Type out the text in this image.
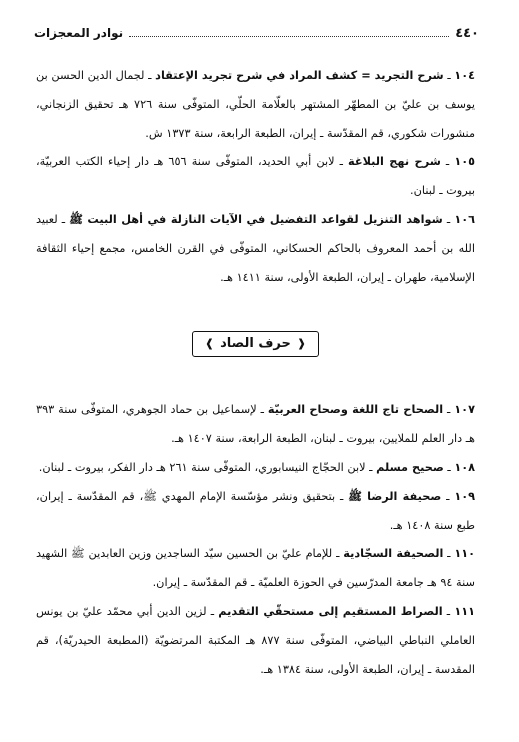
٤٤٠
نوادر المعجزات

١٠٤ ـ شرح التجريد = كشف المراد في شرح تجريد الإعتقاد ـ لجمال الدين الحسن بن يوسف بن عليّ بن المطهّر المشتهر بالعلّامة الحلّي، المتوفّى سنة ٧٢٦ هـ تحقيق الزنجاني، منشورات شكوري، قم المقدّسة ـ إيران، الطبعة الرابعة، سنة ١٣٧٣ ش.

١٠٥ ـ شرح نهج البلاغة ـ لابن أبي الحديد، المتوفّى سنة ٦٥٦ هـ دار إحياء الكتب العربيّة، بيروت ـ لبنان.

١٠٦ ـ شواهد التنزيل لقواعد التفضيل في الآيات النازلة في أهل البيت ﷺ ـ لعبيد الله بن أحمد المعروف بالحاكم الحسكاني، المتوفّى في القرن الخامس، مجمع إحياء الثقافة الإسلامية، طهران ـ إيران، الطبعة الأولى، سنة ١٤١١ هـ.

❰
حرف الصاد
❱

١٠٧ ـ الصحاح تاج اللغة وصحاح العربيّة ـ لإسماعيل بن حماد الجوهري، المتوفّى سنة ٣٩٣ هـ دار العلم للملايين، بيروت ـ لبنان، الطبعة الرابعة، سنة ١٤٠٧ هـ.

١٠٨ ـ صحيح مسلم ـ لابن الحجّاج النيسابوري، المتوفّى سنة ٢٦١ هـ دار الفكر، بيروت ـ لبنان.

١٠٩ ـ صحيفة الرضا ﷺ ـ بتحقيق ونشر مؤسّسة الإمام المهدي ﷺ، قم المقدّسة ـ إيران، طبع سنة ١٤٠٨ هـ.

١١٠ ـ الصحيفة السجّادية ـ للإمام عليّ بن الحسين سيّد الساجدين وزين العابدين ﷺ الشهيد سنة ٩٤ هـ جامعة المدرّسين في الحوزة العلميّة ـ قم المقدّسة ـ إيران.

١١١ ـ الصراط المستقيم إلى مستحقّي التقديم ـ لزين الدين أبي محمّد عليّ بن يونس العاملي النباطي البياضي، المتوفّى سنة ٨٧٧ هـ المكتبة المرتضويّة (المطبعة الحيدريّة)، قم المقدسة ـ إيران، الطبعة الأولى، سنة ١٣٨٤ هـ.
